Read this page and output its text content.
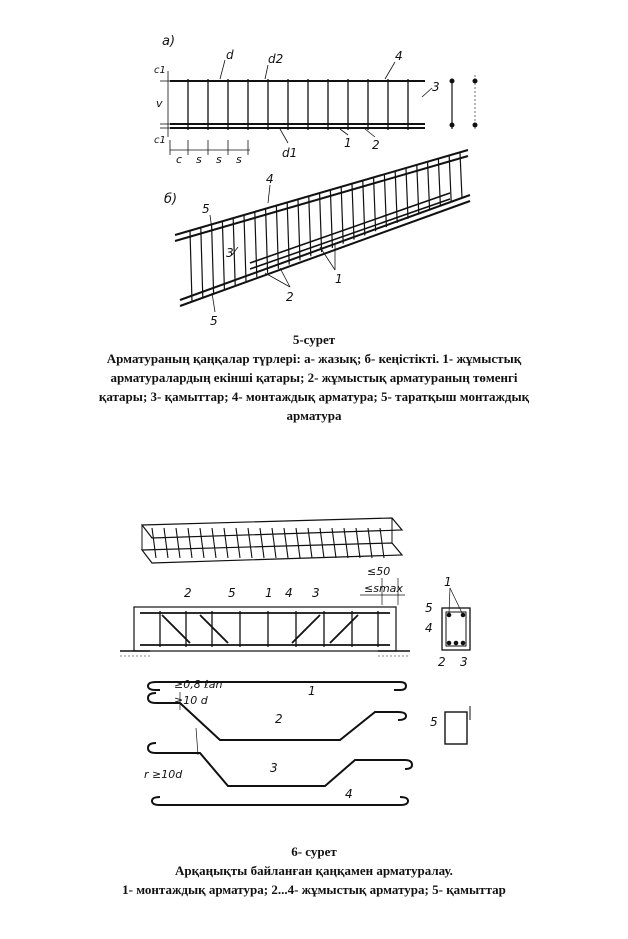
а)
c1
v
c1
c s s s
d	d2
d1
4
3
1 2
б)
5
4
3
1
2
5
5-сурет
Арматураның қаңқалар түрлері: а- жазық; б- кеңістікті. 1- жұмыстық
арматуралардың екінші қатары; 2- жұмыстық арматураның төменгі
қатары; 3- қамыттар; 4- монтаждық арматура; 5- таратқыш монтаждық
арматура
≤50
≤smax
2	5 1 4 3
1
5
4
2 3
1
≥0,8 ℓan
≥10 d
2	5
r ≥10d	3
4
6- сурет
Арқаңықты байланған қаңқамен арматуралау.
1- монтаждық арматура; 2...4- жұмыстық арматура; 5- қамыттар
